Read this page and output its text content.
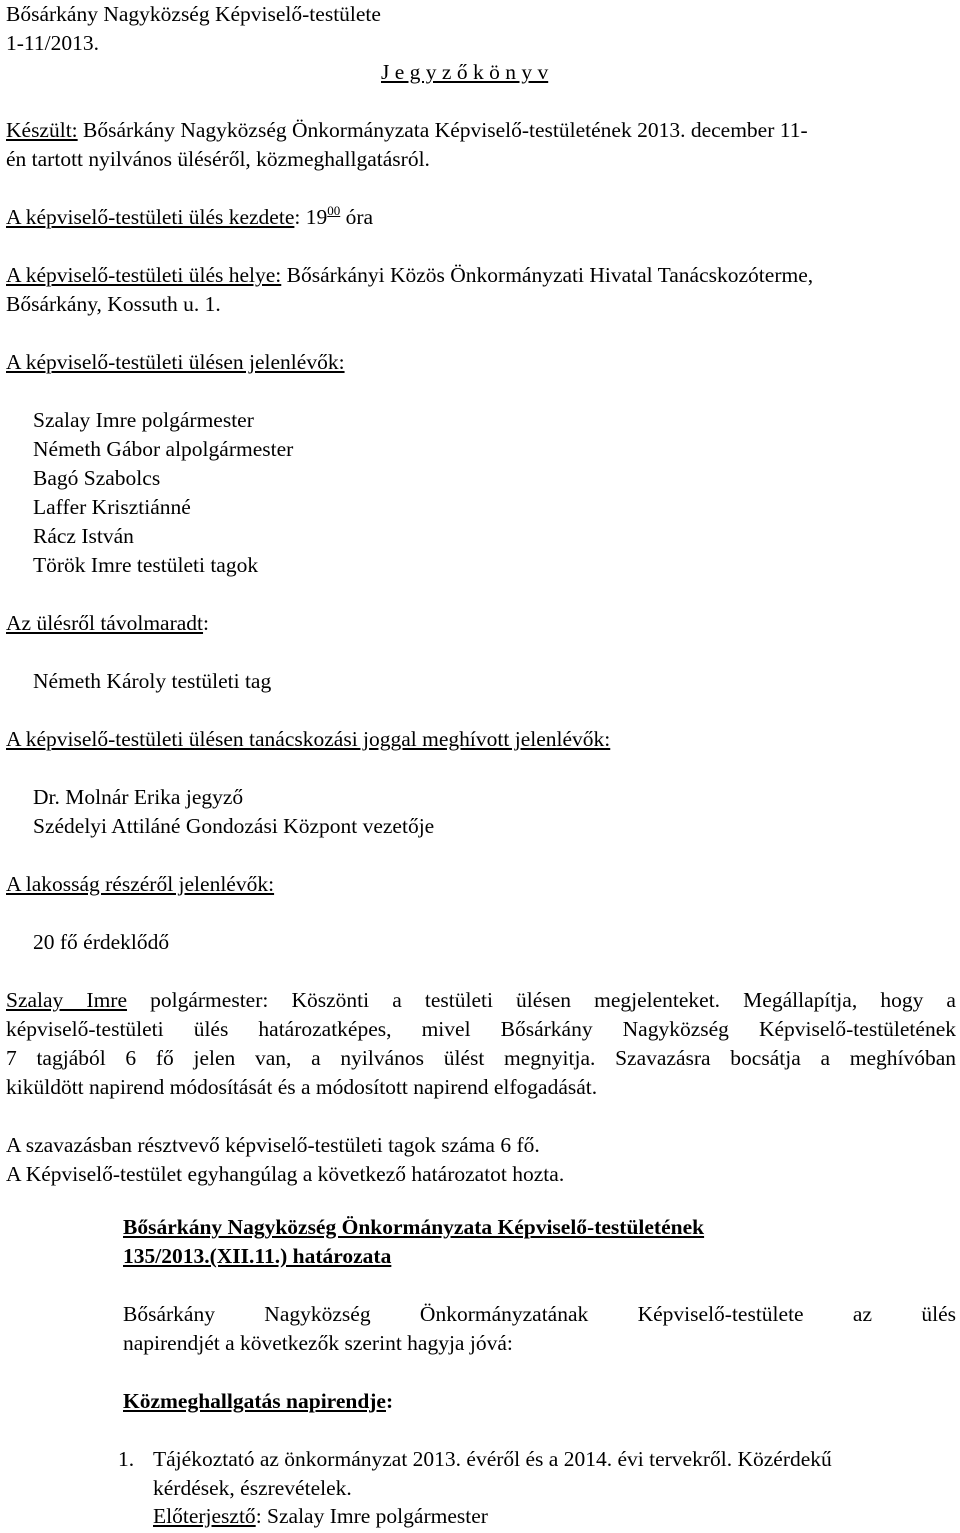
Bősárkány Nagyközség Képviselő-testülete
1-11/2013.
J e g y z ő k ö n y v
Készült: Bősárkány Nagyközség Önkormányzata Képviselő-testületének 2013. december 11-
én tartott nyilvános üléséről, közmeghallgatásról.
A képviselő-testületi ülés kezdete: $19^{00}$ óra
A képviselő-testületi ülés helye: Bősárkányi Közös Önkormányzati Hivatal Tanácskozóterme,
Bősárkány, Kossuth u. 1.
A képviselő-testületi ülésen jelenlévők:
Szalay Imre polgármester
Németh Gábor alpolgármester
Bagó Szabolcs
Laffer Krisztiánné
Rácz István
Török Imre testületi tagok
Az ülésről távolmaradt:
Németh Károly testületi tag
A képviselő-testületi ülésen tanácskozási joggal meghívott jelenlévők:
Dr. Molnár Erika jegyző
Szédelyi Attiláné Gondozási Központ vezetője
A lakosság részéről jelenlévők:
20 fő érdeklődő
Szalay Imre polgármester: Köszönti a testületi ülésen megjelenteket. Megállapítja, hogy a
képviselő-testületi ülés határozatképes, mivel Bősárkány Nagyközség Képviselő-testületének
7 tagjából 6 fő jelen van, a nyilvános ülést megnyitja. Szavazásra bocsátja a meghívóban
kiküldött napirend módosítását és a módosított napirend elfogadását.
A szavazásban résztvevő képviselő-testületi tagok száma 6 fő.
A Képviselő-testület egyhangúlag a következő határozatot hozta.
Bősárkány Nagyközség Önkormányzata Képviselő-testületének
135/2013.(XII.11.) határozata
Bősárkány Nagyközség Önkormányzatának Képviselő-testülete az ülés
napirendjét a következők szerint hagyja jóvá:
Közmeghallgatás napirendje:
1. Tájékoztató az önkormányzat 2013. évéről és a 2014. évi tervekről. Közérdekű
kérdések, észrevételek.
Előterjesztő: Szalay Imre polgármester
